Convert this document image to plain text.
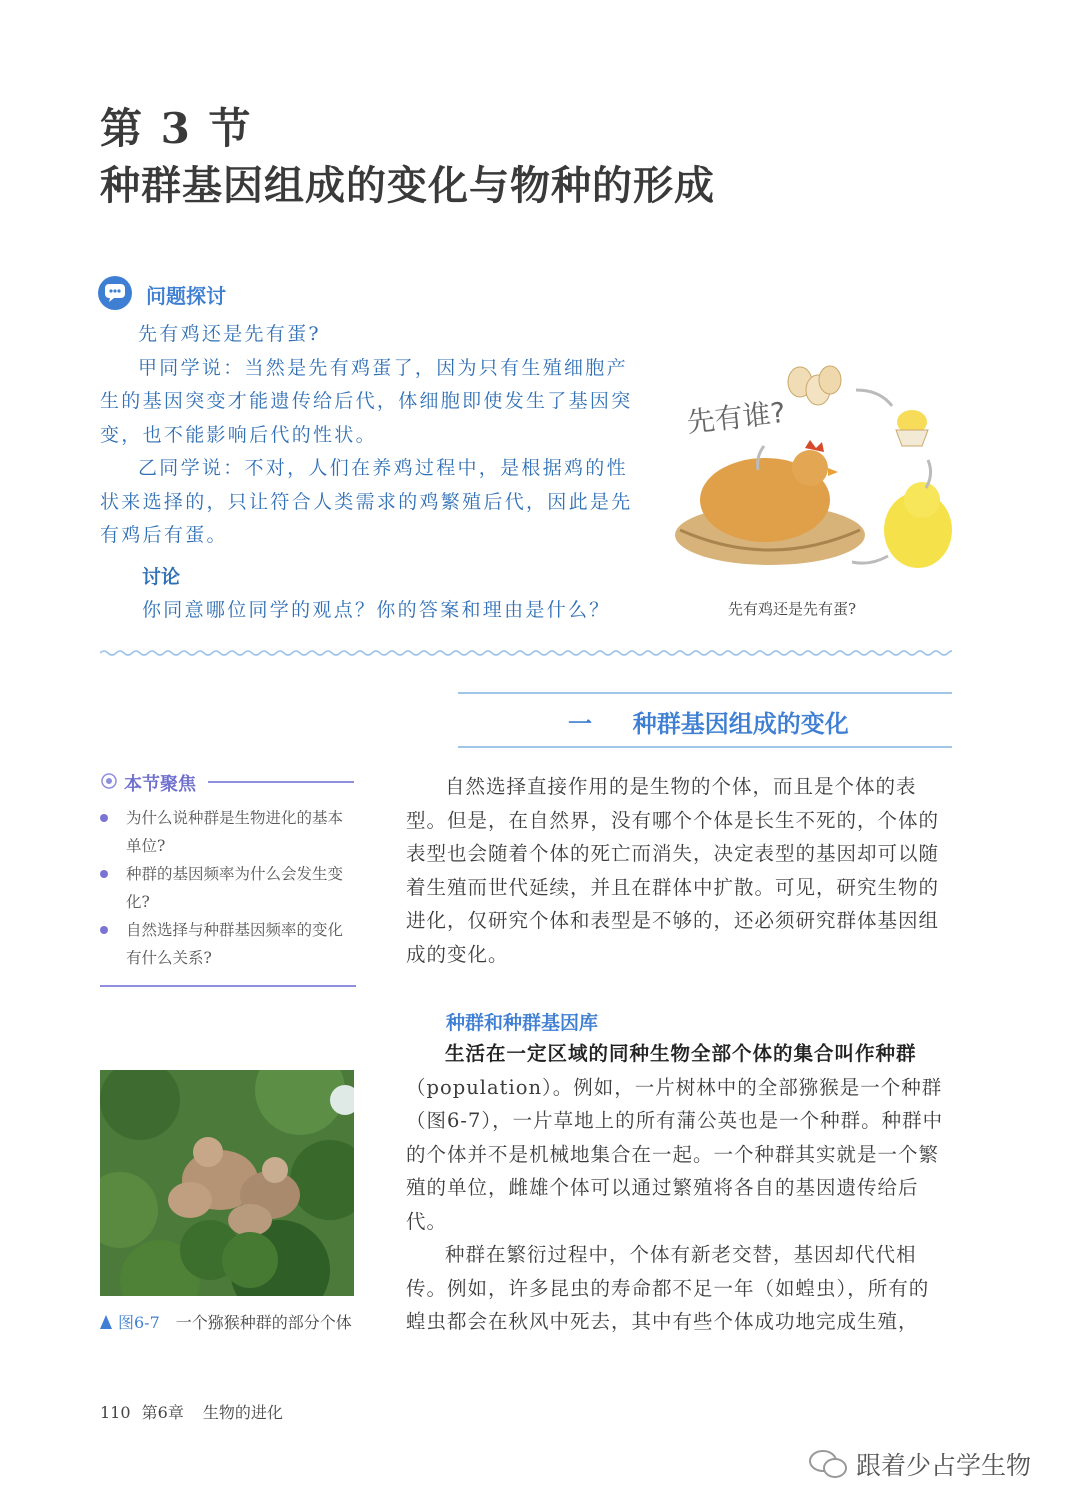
第 3 节
种群基因组成的变化与物种的形成
问题探讨
先有鸡还是先有蛋?
甲同学说：当然是先有鸡蛋了，因为只有生殖细胞产生的基因突变才能遗传给后代，体细胞即使发生了基因突变，也不能影响后代的性状。
乙同学说：不对，人们在养鸡过程中，是根据鸡的性状来选择的，只让符合人类需求的鸡繁殖后代，因此是先有鸡后有蛋。
讨论
你同意哪位同学的观点？你的答案和理由是什么？
先有谁?
先有鸡还是先有蛋?
一 种群基因组成的变化
本节聚焦
为什么说种群是生物进化的基本单位?
种群的基因频率为什么会发生变化?
自然选择与种群基因频率的变化有什么关系?
自然选择直接作用的是生物的个体，而且是个体的表型。但是，在自然界，没有哪个个体是长生不死的，个体的表型也会随着个体的死亡而消失，决定表型的基因却可以随着生殖而世代延续，并且在群体中扩散。可见，研究生物的进化，仅研究个体和表型是不够的，还必须研究群体基因组成的变化。
种群和种群基因库
生活在一定区域的同种生物全部个体的集合叫作种群（population）。例如，一片树林中的全部猕猴是一个种群（图6-7），一片草地上的所有蒲公英也是一个种群。种群中的个体并不是机械地集合在一起。一个种群其实就是一个繁殖的单位，雌雄个体可以通过繁殖将各自的基因遗传给后代。
种群在繁衍过程中，个体有新老交替，基因却代代相传。例如，许多昆虫的寿命都不足一年（如蝗虫），所有的蝗虫都会在秋风中死去，其中有些个体成功地完成生殖，
图6-7 一个猕猴种群的部分个体
110 第6章 生物的进化
跟着少占学生物
